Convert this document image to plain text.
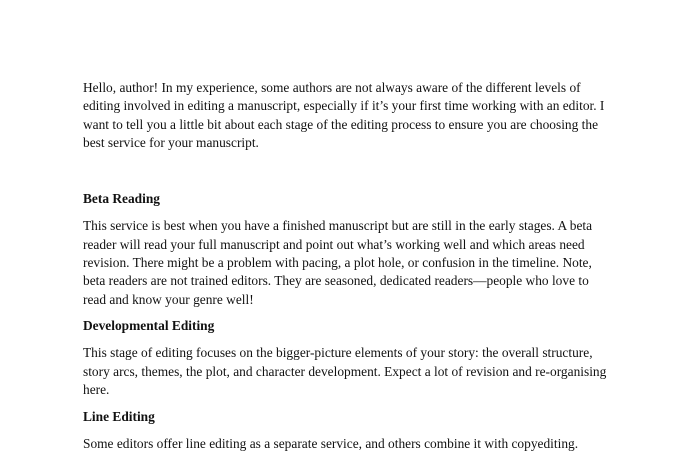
Hello, author! In my experience, some authors are not always aware of the different levels of editing involved in editing a manuscript, especially if it’s your first time working with an editor. I want to tell you a little bit about each stage of the editing process to ensure you are choosing the best service for your manuscript.

Beta Reading

This service is best when you have a finished manuscript but are still in the early stages. A beta reader will read your full manuscript and point out what’s working well and which areas need revision. There might be a problem with pacing, a plot hole, or confusion in the timeline. Note, beta readers are not trained editors. They are seasoned, dedicated readers—people who love to read and know your genre well!

Developmental Editing

This stage of editing focuses on the bigger-picture elements of your story: the overall structure, story arcs, themes, the plot, and character development. Expect a lot of revision and re-organising here.

Line Editing

Some editors offer line editing as a separate service, and others combine it with copyediting.
